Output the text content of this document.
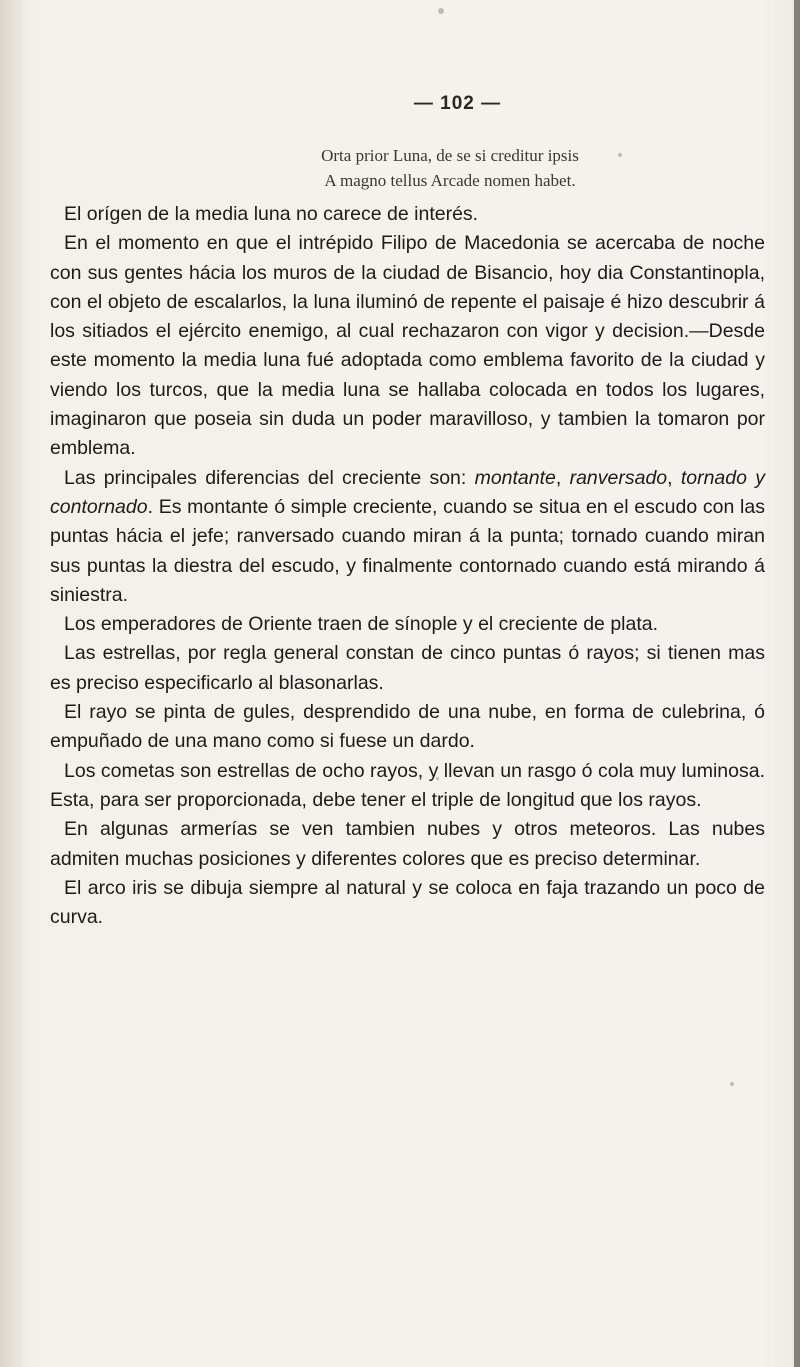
— 102 —
Orta prior Luna, de se si creditur ipsis
A magno tellus Arcade nomen habet.

El orígen de la media luna no carece de interés.

En el momento en que el intrépido Filipo de Macedonia se acercaba de noche con sus gentes hácia los muros de la ciudad de Bisancio, hoy dia Constantinopla, con el objeto de escalarlos, la luna iluminó de repente el paisaje é hizo descubrir á los sitiados el ejército enemigo, al cual rechazaron con vigor y decision.—Desde este momento la media luna fué adoptada como emblema favorito de la ciudad y viendo los turcos, que la media luna se hallaba colocada en todos los lugares, imaginaron que poseia sin duda un poder maravilloso, y tambien la tomaron por emblema.

Las principales diferencias del creciente son: montante, ranversado, tornado y contornado. Es montante ó simple creciente, cuando se situa en el escudo con las puntas hácia el jefe; ranversado cuando miran á la punta; tornado cuando miran sus puntas la diestra del escudo, y finalmente contornado cuando está mirando á siniestra.

Los emperadores de Oriente traen de sínople y el creciente de plata.

Las estrellas, por regla general constan de cinco puntas ó rayos; si tienen mas es preciso especificarlo al blasonarlas.

El rayo se pinta de gules, desprendido de una nube, en forma de culebrina, ó empuñado de una mano como si fuese un dardo.

Los cometas son estrellas de ocho rayos, y llevan un rasgo ó cola muy luminosa. Esta, para ser proporcionada, debe tener el triple de longitud que los rayos.

En algunas armerías se ven tambien nubes y otros meteoros. Las nubes admiten muchas posiciones y diferentes colores que es preciso determinar.

El arco iris se dibuja siempre al natural y se coloca en faja trazando un poco de curva.
